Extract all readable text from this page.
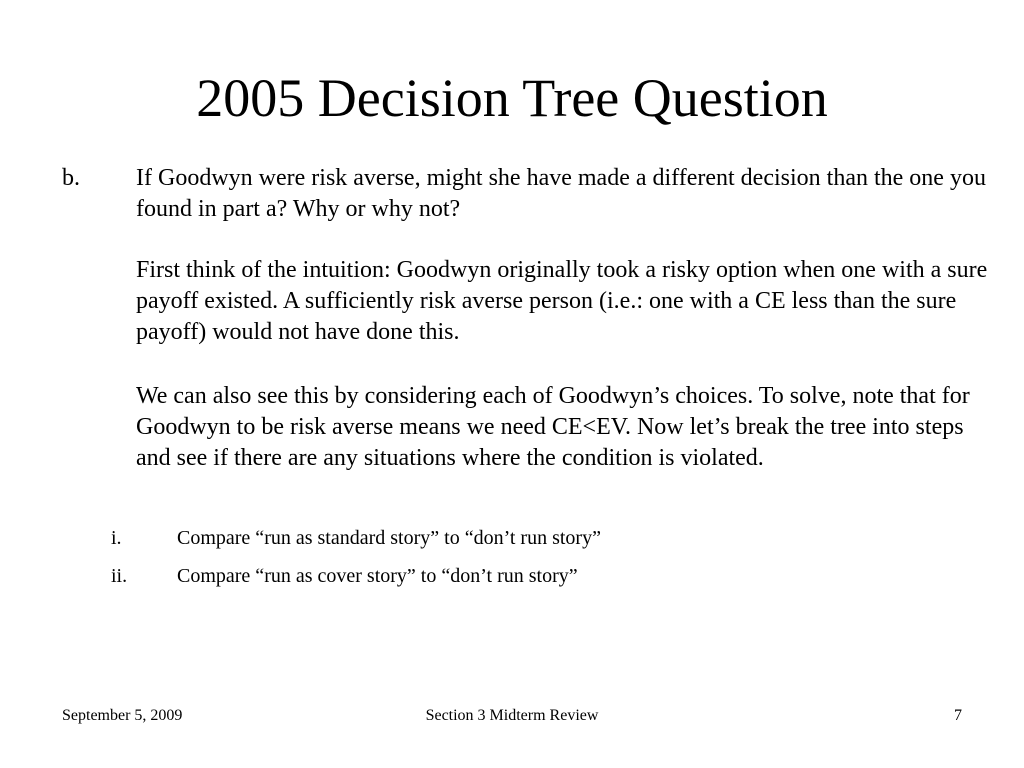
2005 Decision Tree Question
b. If Goodwyn were risk averse, might she have made a different decision than the one you found in part a? Why or why not?
First think of the intuition: Goodwyn originally took a risky option when one with a sure payoff existed. A sufficiently risk averse person (i.e.: one with a CE less than the sure payoff) would not have done this.
We can also see this by considering each of Goodwyn’s choices. To solve, note that for Goodwyn to be risk averse means we need CE<EV. Now let’s break the tree into steps and see if there are any situations where the condition is violated.
i.	Compare “run as standard story” to “don’t run story”
ii. Compare “run as cover story” to “don’t run story”
September 5, 2009	Section 3 Midterm Review	7
